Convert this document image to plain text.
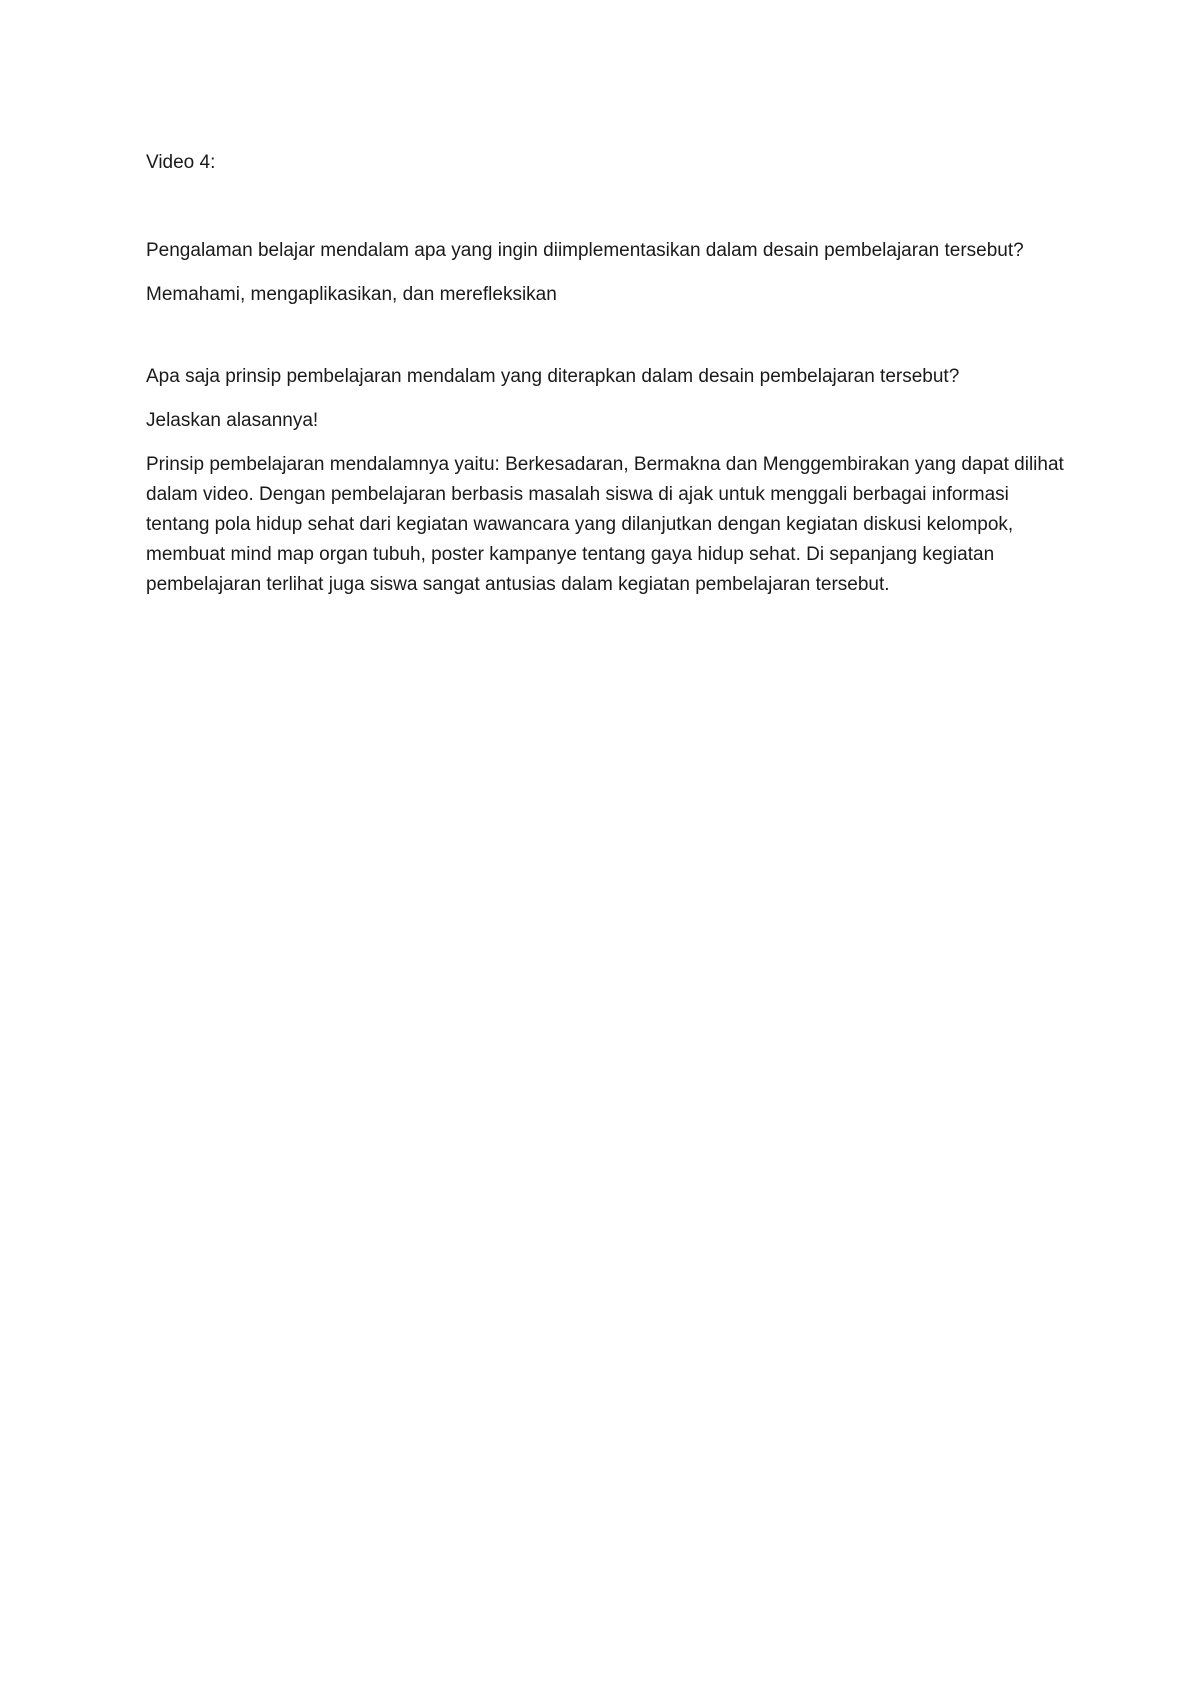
Video 4:

Pengalaman belajar mendalam apa yang ingin diimplementasikan dalam desain pembelajaran tersebut?

Memahami, mengaplikasikan, dan merefleksikan

Apa saja prinsip pembelajaran mendalam yang diterapkan dalam desain pembelajaran tersebut?

Jelaskan alasannya!

Prinsip pembelajaran mendalamnya yaitu: Berkesadaran, Bermakna dan Menggembirakan yang dapat dilihat dalam video. Dengan pembelajaran berbasis masalah siswa di ajak untuk menggali berbagai informasi tentang pola hidup sehat dari kegiatan wawancara yang dilanjutkan dengan kegiatan diskusi kelompok, membuat mind map organ tubuh, poster kampanye tentang gaya hidup sehat. Di sepanjang kegiatan pembelajaran terlihat juga siswa sangat antusias dalam kegiatan pembelajaran tersebut.
